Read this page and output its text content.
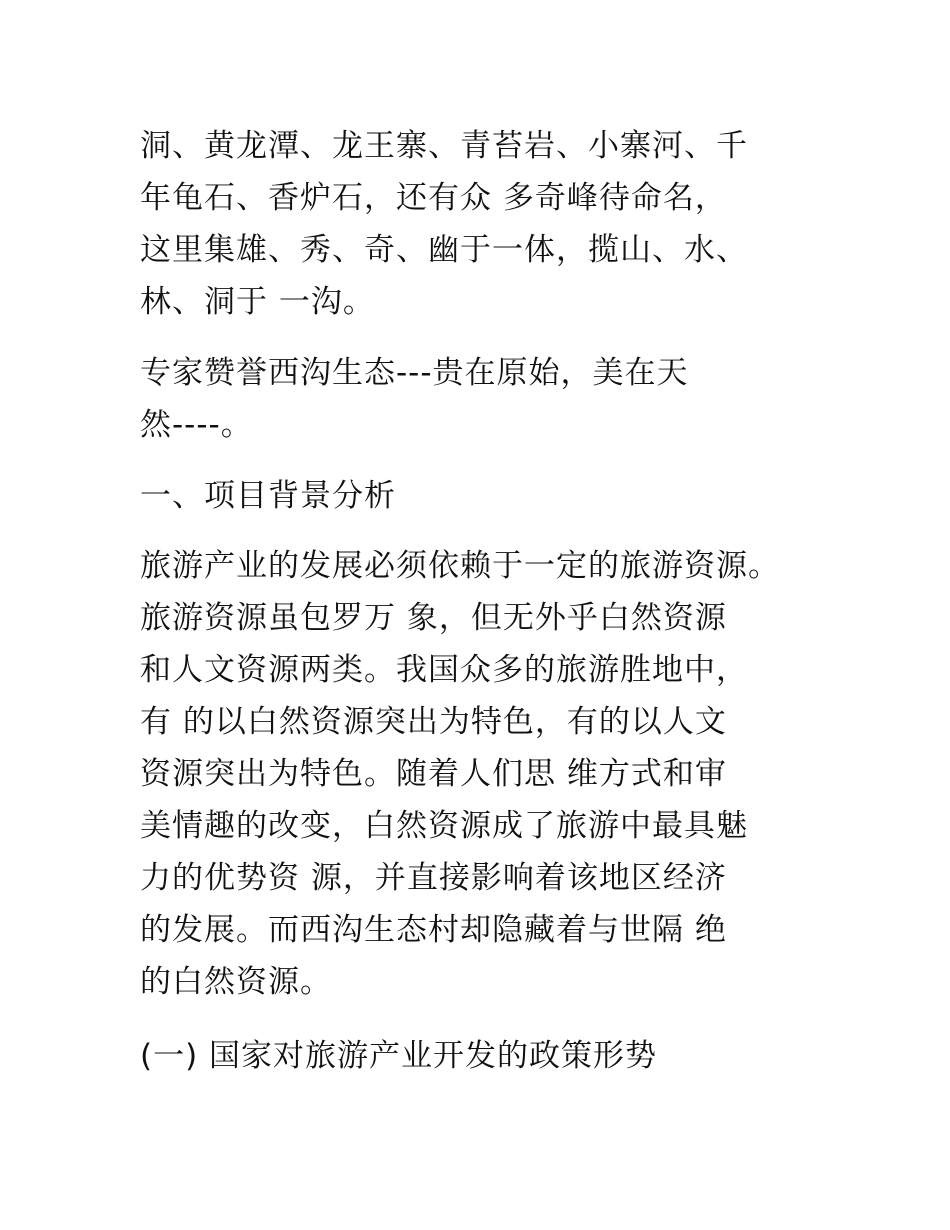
洞、黄龙潭、龙王寨、青苔岩、小寨河、千
年龟石、香炉石，还有众 多奇峰待命名，
这里集雄、秀、奇、幽于一体，揽山、水、
林、洞于 一沟。
专家赞誉西沟生态---贵在原始，美在天
然----。
一、项目背景分析
旅游产业的发展必须依赖于一定的旅游资源。
旅游资源虽包罗万 象，但无外乎白然资源
和人文资源两类。我国众多的旅游胜地中，
有 的以白然资源突出为特色，有的以人文
资源突出为特色。随着人们思 维方式和审
美情趣的改变，白然资源成了旅游中最具魅
力的优势资 源，并直接影响着该地区经济
的发展。而西沟生态村却隐藏着与世隔 绝
的白然资源。
(一) 国家对旅游产业开发的政策形势
